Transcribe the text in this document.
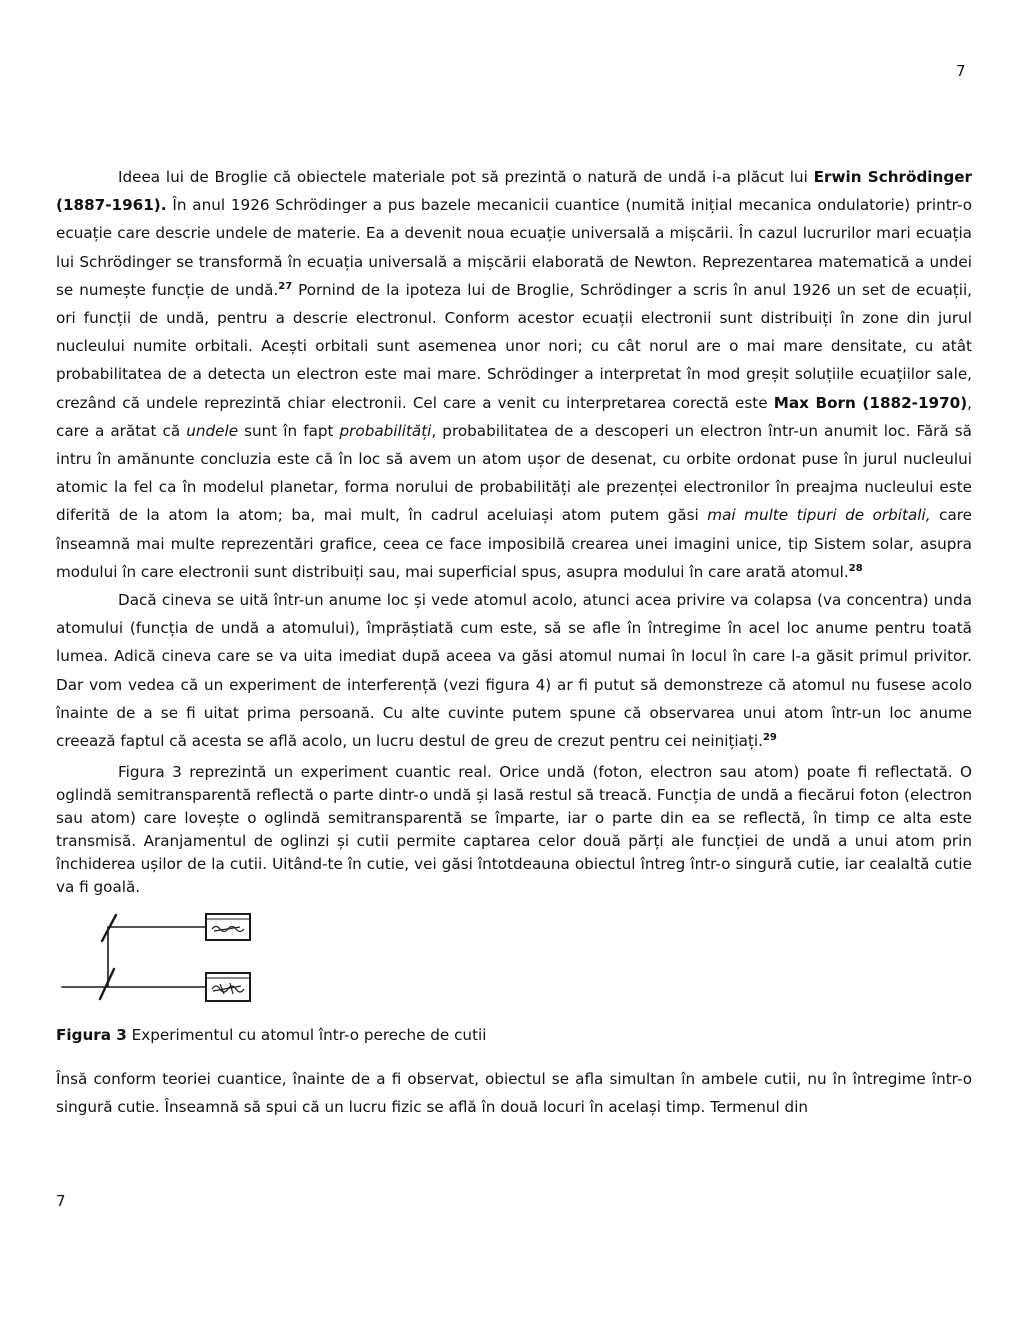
7

Ideea lui de Broglie că obiectele materiale pot să prezintă o natură de undă i-a plăcut lui Erwin Schrödinger (1887-1961). În anul 1926 Schrödinger a pus bazele mecanicii cuantice (numită inițial mecanica ondulatorie) printr-o ecuație care descrie undele de materie. Ea a devenit noua ecuație universală a mișcării. În cazul lucrurilor mari ecuația lui Schrödinger se transformă în ecuația universală a mișcării elaborată de Newton. Reprezentarea matematică a undei se numește funcție de undă.$^{27}$ Pornind de la ipoteza lui de Broglie, Schrödinger a scris în anul 1926 un set de ecuații, ori funcții de undă, pentru a descrie electronul. Conform acestor ecuații electronii sunt distribuiți în zone din jurul nucleului numite orbitali. Acești orbitali sunt asemenea unor nori; cu cât norul are o mai mare densitate, cu atât probabilitatea de a detecta un electron este mai mare. Schrödinger a interpretat în mod greșit soluțiile ecuațiilor sale, crezând că undele reprezintă chiar electronii. Cel care a venit cu interpretarea corectă este Max Born (1882-1970), care a arătat că undele sunt în fapt probabilități, probabilitatea de a descoperi un electron într-un anumit loc. Fără să intru în amănunte concluzia este că în loc să avem un atom ușor de desenat, cu orbite ordonat puse în jurul nucleului atomic la fel ca în modelul planetar, forma norului de probabilități ale prezenței electronilor în preajma nucleului este diferită de la atom la atom; ba, mai mult, în cadrul aceluiași atom putem găsi mai multe tipuri de orbitali, care înseamnă mai multe reprezentări grafice, ceea ce face imposibilă crearea unei imagini unice, tip Sistem solar, asupra modului în care electronii sunt distribuiți sau, mai superficial spus, asupra modului în care arată atomul.$^{28}$

Dacă cineva se uită într-un anume loc și vede atomul acolo, atunci acea privire va colapsa (va concentra) unda atomului (funcția de undă a atomului), împrăștiată cum este, să se afle în întregime în acel loc anume pentru toată lumea. Adică cineva care se va uita imediat după aceea va găsi atomul numai în locul în care l-a găsit primul privitor. Dar vom vedea că un experiment de interferență (vezi figura 4) ar fi putut să demonstreze că atomul nu fusese acolo înainte de a se fi uitat prima persoană. Cu alte cuvinte putem spune că observarea unui atom într-un loc anume creează faptul că acesta se află acolo, un lucru destul de greu de crezut pentru cei neinițiați.$^{29}$

Figura 3 reprezintă un experiment cuantic real. Orice undă (foton, electron sau atom) poate fi reflectată. O oglindă semitransparentă reflectă o parte dintr-o undă și lasă restul să treacă. Funcția de undă a fiecărui foton (electron sau atom) care lovește o oglindă semitransparentă se împarte, iar o parte din ea se reflectă, în timp ce alta este transmisă. Aranjamentul de oglinzi și cutii permite captarea celor două părți ale funcției de undă a unui atom prin închiderea ușilor de la cutii. Uitând-te în cutie, vei găsi întotdeauna obiectul întreg într-o singură cutie, iar cealaltă cutie va fi goală.

Figura 3 Experimentul cu atomul într-o pereche de cutii

Însă conform teoriei cuantice, înainte de a fi observat, obiectul se afla simultan în ambele cutii, nu în întregime într-o singură cutie. Înseamnă să spui că un lucru fizic se află în două locuri în același timp. Termenul din

7
